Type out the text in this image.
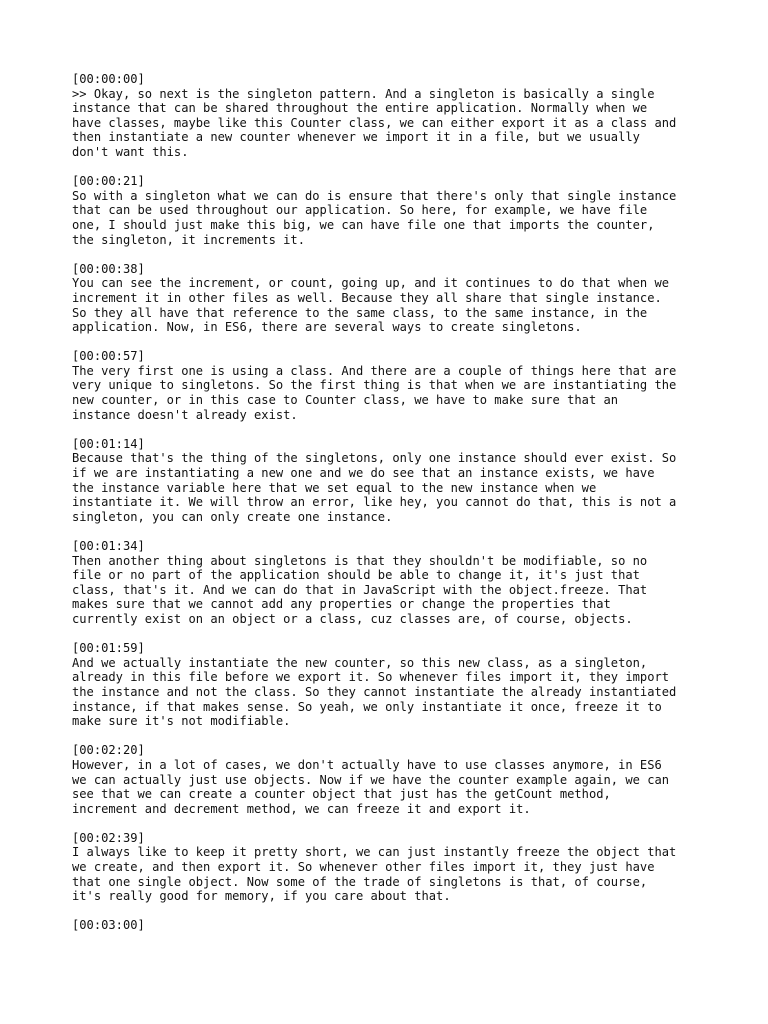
[00:00:00]
>> Okay, so next is the singleton pattern. And a singleton is basically a single
instance that can be shared throughout the entire application. Normally when we
have classes, maybe like this Counter class, we can either export it as a class and
then instantiate a new counter whenever we import it in a file, but we usually
don't want this.
[00:00:21]
So with a singleton what we can do is ensure that there's only that single instance
that can be used throughout our application. So here, for example, we have file
one, I should just make this big, we can have file one that imports the counter,
the singleton, it increments it.
[00:00:38]
You can see the increment, or count, going up, and it continues to do that when we
increment it in other files as well. Because they all share that single instance.
So they all have that reference to the same class, to the same instance, in the
application. Now, in ES6, there are several ways to create singletons.
[00:00:57]
The very first one is using a class. And there are a couple of things here that are
very unique to singletons. So the first thing is that when we are instantiating the
new counter, or in this case to Counter class, we have to make sure that an
instance doesn't already exist.
[00:01:14]
Because that's the thing of the singletons, only one instance should ever exist. So
if we are instantiating a new one and we do see that an instance exists, we have
the instance variable here that we set equal to the new instance when we
instantiate it. We will throw an error, like hey, you cannot do that, this is not a
singleton, you can only create one instance.
[00:01:34]
Then another thing about singletons is that they shouldn't be modifiable, so no
file or no part of the application should be able to change it, it's just that
class, that's it. And we can do that in JavaScript with the object.freeze. That
makes sure that we cannot add any properties or change the properties that
currently exist on an object or a class, cuz classes are, of course, objects.
[00:01:59]
And we actually instantiate the new counter, so this new class, as a singleton,
already in this file before we export it. So whenever files import it, they import
the instance and not the class. So they cannot instantiate the already instantiated
instance, if that makes sense. So yeah, we only instantiate it once, freeze it to
make sure it's not modifiable.
[00:02:20]
However, in a lot of cases, we don't actually have to use classes anymore, in ES6
we can actually just use objects. Now if we have the counter example again, we can
see that we can create a counter object that just has the getCount method,
increment and decrement method, we can freeze it and export it.
[00:02:39]
I always like to keep it pretty short, we can just instantly freeze the object that
we create, and then export it. So whenever other files import it, they just have
that one single object. Now some of the trade of singletons is that, of course,
it's really good for memory, if you care about that.
[00:03:00]
